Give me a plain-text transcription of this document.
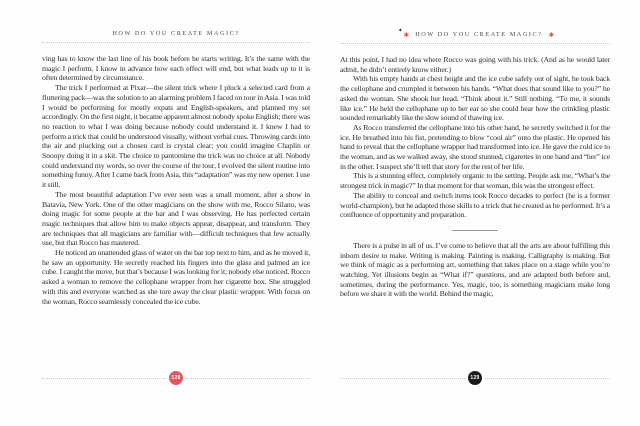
HOW DO YOU CREATE MAGIC?

ving has to know the last line of his book before he starts writing. It’s the same with the magic I perform. I know in advance how each effect will end, but what leads up to it is often determined by circumstance.

The trick I performed at Pixar—the silent trick where I pluck a selected card from a fluttering pack—was the solution to an alarming problem I faced on tour in Asia. I was told I would be performing for mostly expats and English-speakers, and planned my set accordingly. On the first night, it became apparent almost nobody spoke English; there was no reaction to what I was doing because nobody could understand it. I knew I had to perform a trick that could be understood visually, without verbal cues. Throwing cards into the air and plucking out a chosen card is crystal clear; you could imagine Chaplin or Snoopy doing it in a skit. The choice to pantomime the trick was no choice at all. Nobody could understand my words, so over the course of the tour, I evolved the silent routine into something funny. After I came back from Asia, this “adaptation” was my new opener. I use it still.

The most beautiful adaptation I’ve ever seen was a small moment, after a show in Batavia, New York. One of the other magicians on the show with me, Rocco Silano, was doing magic for some people at the bar and I was observing. He has perfected certain magic techniques that allow him to make objects appear, disappear, and transform. They are techniques that all magicians are familiar with—difficult techniques that few actually use, but that Rocco has mastered.

He noticed an unattended glass of water on the bar top next to him, and as he moved it, he saw an opportunity. He secretly reached his fingers into the glass and palmed an ice cube. I caught the move, but that’s because I was looking for it; nobody else noticed. Rocco asked a woman to remove the cellophane wrapper from her cigarette box. She struggled with this and everyone watched as she tore away the clear plastic wrapper. With focus on the woman, Rocco seamlessly concealed the ice cube.

128
✦ ✱ HOW DO YOU CREATE MAGIC? ✱

At this point, I had no idea where Rocco was going with his trick. (And as he would later admit, he didn’t entirely know either.)

With his empty hands at chest height and the ice cube safely out of sight, he took back the cellophane and crumpled it between his hands. “What does that sound like to you?” he asked the woman. She shook her head. “Think about it.” Still nothing. “To me, it sounds like ice.” He held the cellophane up to her ear so she could hear how the crinkling plastic sounded remarkably like the slow sound of thawing ice.

As Rocco transferred the cellophane into his other hand, he secretly switched it for the ice. He breathed into his fist, pretending to blow “cool air” onto the plastic. He opened his hand to reveal that the cellophane wrapper had transformed into ice. He gave the cold ice to the woman, and as we walked away, she stood stunned, cigarettes in one hand and “her” ice in the other. I suspect she’ll tell that story for the rest of her life.

This is a stunning effect, completely organic to the setting. People ask me, “What’s the strongest trick in magic?” In that moment for that woman, this was the strongest effect.

The ability to conceal and switch items took Rocco decades to perfect (he is a former world-champion), but he adapted those skills to a trick that he created as he performed. It’s a confluence of opportunity and preparation.

There is a pulse in all of us. I’ve come to believe that all the arts are about fulfilling this inborn desire to make. Writing is making. Painting is making. Calligraphy is making. But we think of magic as a performing art, something that takes place on a stage while you’re watching. Yet illusions begin as “What if?” questions, and are adapted both before and, sometimes, during the performance. Yes, magic, too, is something magicians make long before we share it with the world. Behind the magic,

129
